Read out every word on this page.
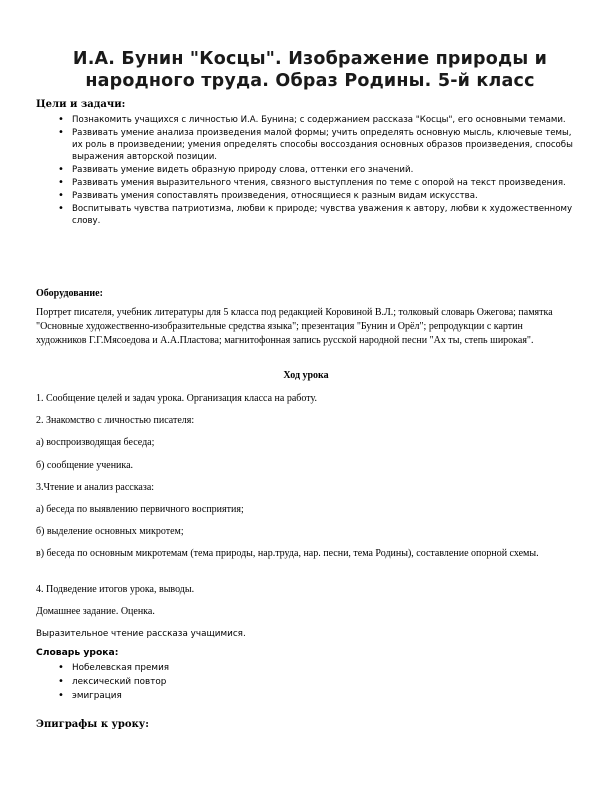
И.А. Бунин "Косцы". Изображение природы и народного труда. Образ Родины. 5-й класс
Цели и задачи:
• Познакомить учащихся с личностью И.А. Бунина; с содержанием рассказа "Косцы", его основными темами.
• Развивать умение анализа произведения малой формы; учить определять основную мысль, ключевые темы, их роль в произведении; умения определять способы воссоздания основных образов произведения, способы выражения авторской позиции.
• Развивать умение видеть образную природу слова, оттенки его значений.
• Развивать умения выразительного чтения, связного выступления по теме с опорой на текст произведения.
• Развивать умения сопоставлять произведения, относящиеся к разным видам искусства.
• Воспитывать чувства патриотизма, любви к природе; чувства уважения к автору, любви к художественному слову.
Оборудование:
Портрет писателя, учебник литературы для 5 класса под редакцией Коровиной В.Л.; толковый словарь Ожегова; памятка "Основные художественно-изобразительные средства языка"; презентация "Бунин и Орёл"; репродукции с картин художников Г.Г.Мясоедова и А.А.Пластова; магнитофонная запись русской народной песни "Ах ты, степь широкая".
Ход урока
1. Сообщение целей и задач урока. Организация класса на работу.
2. Знакомство с личностью писателя:
а) воспроизводящая беседа;
б) сообщение ученика.
3.Чтение и анализ рассказа:
а) беседа по выявлению первичного восприятия;
б) выделение основных микротем;
в) беседа по основным микротемам (тема природы, нар.труда, нар. песни, тема Родины), составление опорной схемы.
4. Подведение итогов урока, выводы.
Домашнее задание. Оценка.
Выразительное чтение рассказа учащимися.
Словарь урока:
• Нобелевская премия
• лексический повтор
• эмиграция
Эпиграфы к уроку:
